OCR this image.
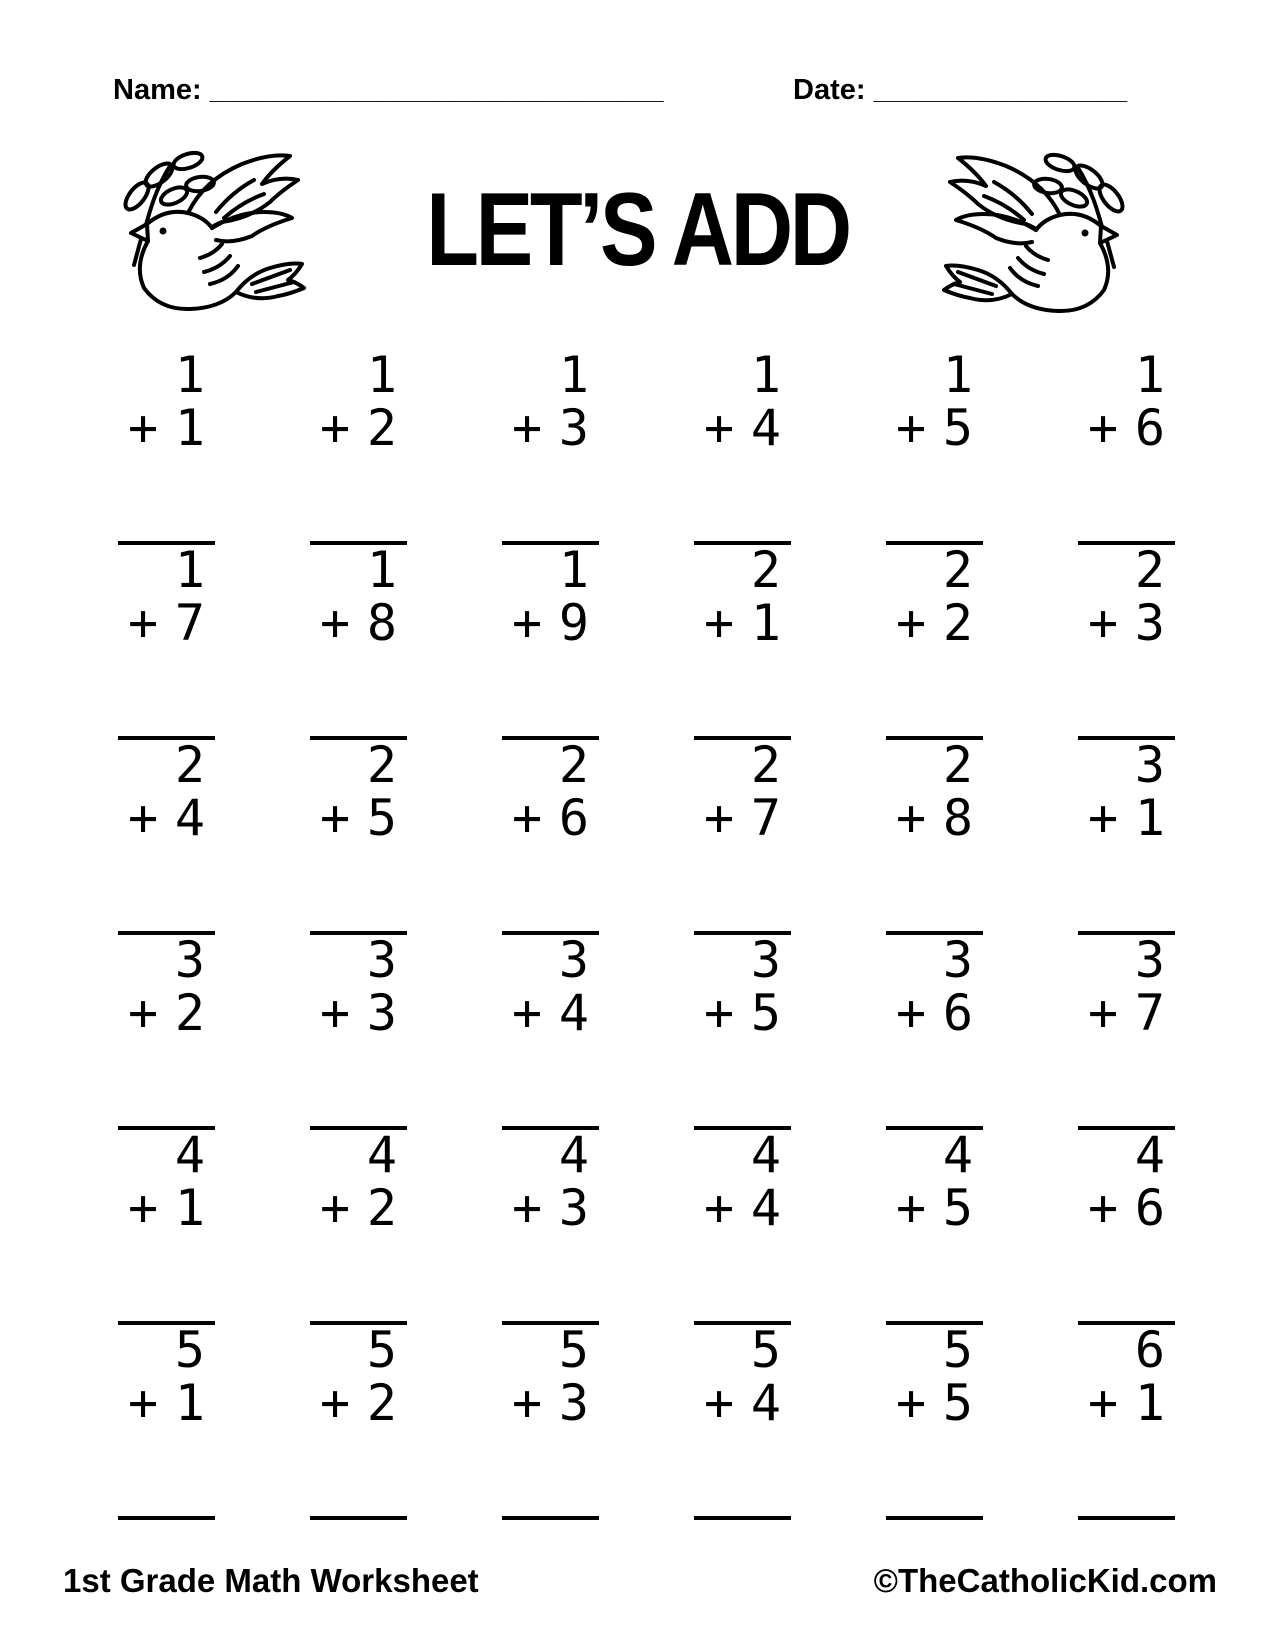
Name: __________________________________	Date: ___________________
LET’S ADD
1
+ 1
1
+ 2
1
+ 3
1
+ 4
1
+ 5
1
+ 6
1
+ 7
1
+ 8
1
+ 9
2
+ 1
2
+ 2
2
+ 3
2
+ 4
2
+ 5
2
+ 6
2
+ 7
2
+ 8
3
+ 1
3
+ 2
3
+ 3
3
+ 4
3
+ 5
3
+ 6
3
+ 7
4
+ 1
4
+ 2
4
+ 3
4
+ 4
4
+ 5
4
+ 6
5
+ 1
5
+ 2
5
+ 3
5
+ 4
5
+ 5
6
+ 1
1st Grade Math Worksheet	©TheCatholicKid.com
